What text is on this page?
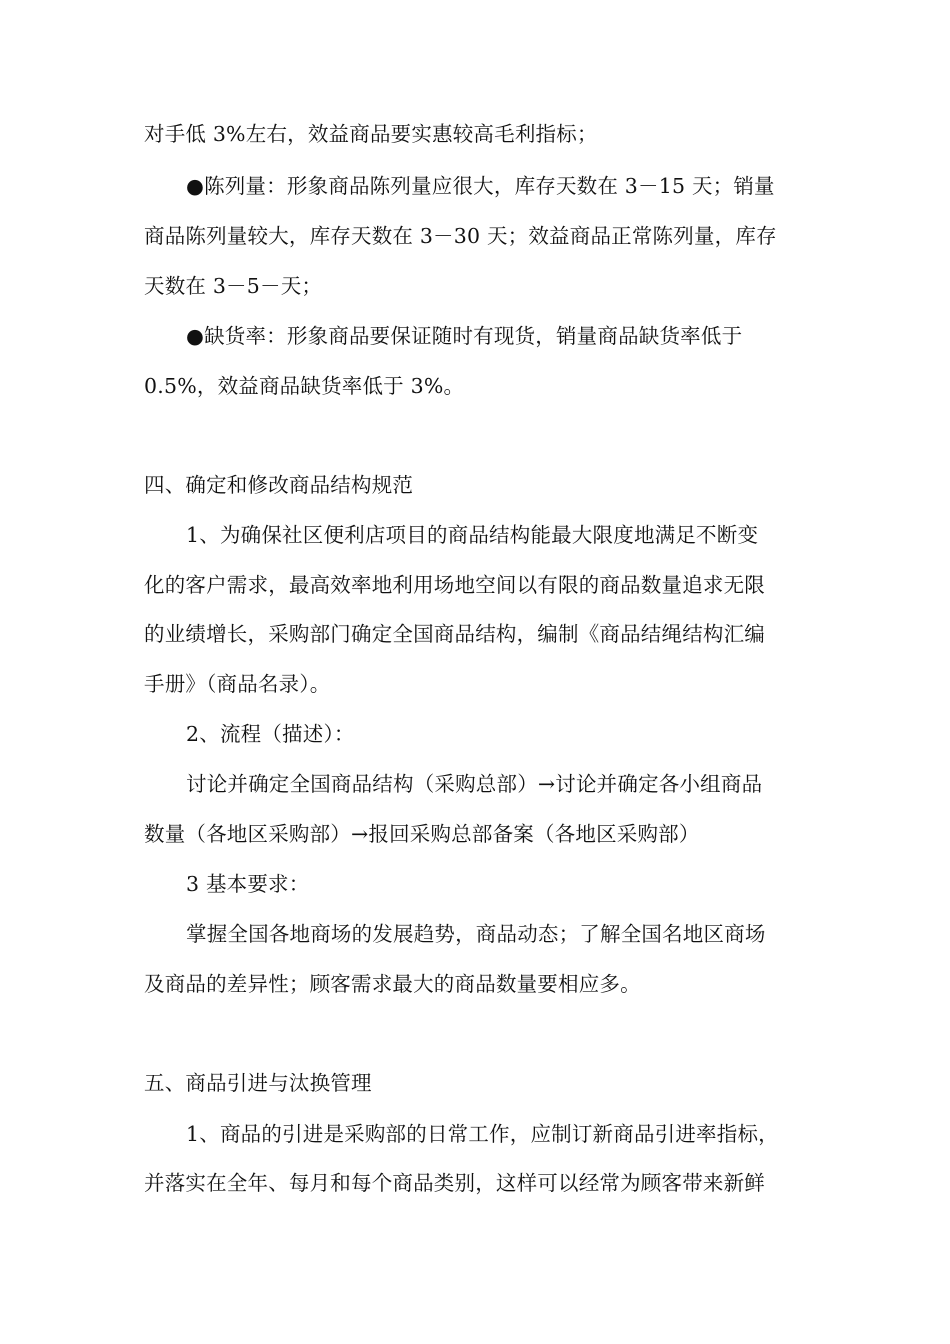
对手低 3%左右，效益商品要实惠较高毛利指标；
●陈列量：形象商品陈列量应很大，库存天数在 3－15 天；销量
商品陈列量较大，库存天数在 3－30 天；效益商品正常陈列量，库存
天数在 3－5－天；
●缺货率：形象商品要保证随时有现货，销量商品缺货率低于
0.5%，效益商品缺货率低于 3%。
四、确定和修改商品结构规范
1、为确保社区便利店项目的商品结构能最大限度地满足不断变
化的客户需求，最高效率地利用场地空间以有限的商品数量追求无限
的业绩增长，采购部门确定全国商品结构，编制《商品结绳结构汇编
手册》（商品名录）。
2、流程（描述）：
讨论并确定全国商品结构（采购总部）→讨论并确定各小组商品
数量（各地区采购部）→报回采购总部备案（各地区采购部）
3 基本要求：
掌握全国各地商场的发展趋势，商品动态；了解全国名地区商场
及商品的差异性；顾客需求最大的商品数量要相应多。
五、商品引进与汰换管理
1、商品的引进是采购部的日常工作，应制订新商品引进率指标，
并落实在全年、每月和每个商品类别，这样可以经常为顾客带来新鲜
